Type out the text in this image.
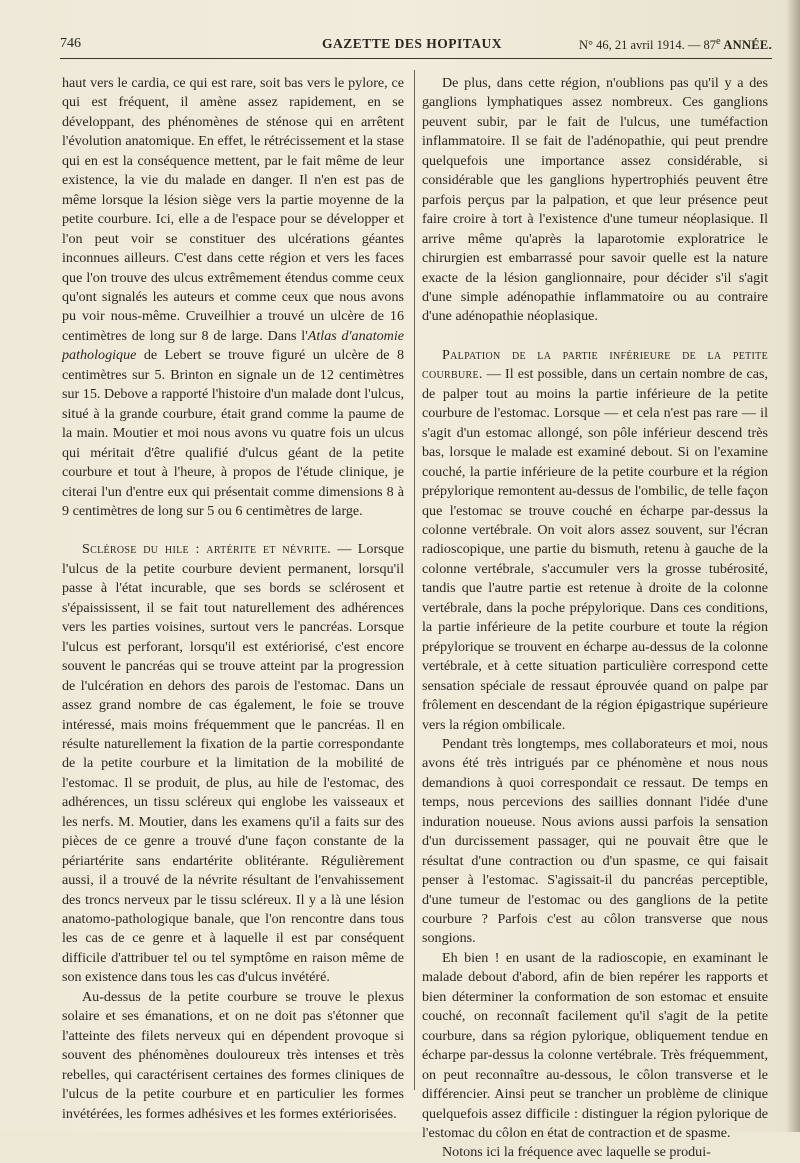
746	GAZETTE DES HOPITAUX	N° 46, 21 avril 1914. — 87e ANNÉE.

haut vers le cardia, ce qui est rare, soit bas vers le pylore, ce qui est fréquent, il amène assez rapidement, en se développant, des phénomènes de sténose qui en arrêtent l'évolution anatomique. En effet, le rétrécissement et la stase qui en est la conséquence mettent, par le fait même de leur existence, la vie du malade en danger. Il n'en est pas de même lorsque la lésion siège vers la partie moyenne de la petite courbure. Ici, elle a de l'espace pour se développer et l'on peut voir se constituer des ulcérations géantes inconnues ailleurs. C'est dans cette région et vers les faces que l'on trouve des ulcus extrêmement étendus comme ceux qu'ont signalés les auteurs et comme ceux que nous avons pu voir nous-même. Cruveilhier a trouvé un ulcère de 16 centimètres de long sur 8 de large. Dans l'Atlas d'anatomie pathologique de Lebert se trouve figuré un ulcère de 8 centimètres sur 5. Brinton en signale un de 12 centimètres sur 15. Debove a rapporté l'histoire d'un malade dont l'ulcus, situé à la grande courbure, était grand comme la paume de la main. Moutier et moi nous avons vu quatre fois un ulcus qui méritait d'être qualifié d'ulcus géant de la petite courbure et tout à l'heure, à propos de l'étude clinique, je citerai l'un d'entre eux qui présentait comme dimensions 8 à 9 centimètres de long sur 5 ou 6 centimètres de large.

Sclérose du hile : artérite et névrite. — Lorsque l'ulcus de la petite courbure devient permanent, lorsqu'il passe à l'état incurable, que ses bords se sclérosent et s'épaississent, il se fait tout naturellement des adhérences vers les parties voisines, surtout vers le pancréas. Lorsque l'ulcus est perforant, lorsqu'il est extériorisé, c'est encore souvent le pancréas qui se trouve atteint par la progression de l'ulcération en dehors des parois de l'estomac. Dans un assez grand nombre de cas également, le foie se trouve intéressé, mais moins fréquemment que le pancréas. Il en résulte naturellement la fixation de la partie correspondante de la petite courbure et la limitation de la mobilité de l'estomac. Il se produit, de plus, au hile de l'estomac, des adhérences, un tissu scléreux qui englobe les vaisseaux et les nerfs. M. Moutier, dans les examens qu'il a faits sur des pièces de ce genre a trouvé d'une façon constante de la périartérite sans endartérite oblitérante. Régulièrement aussi, il a trouvé de la névrite résultant de l'envahissement des troncs nerveux par le tissu scléreux. Il y a là une lésion anatomo-pathologique banale, que l'on rencontre dans tous les cas de ce genre et à laquelle il est par conséquent difficile d'attribuer tel ou tel symptôme en raison même de son existence dans tous les cas d'ulcus invétéré.

Au-dessus de la petite courbure se trouve le plexus solaire et ses émanations, et on ne doit pas s'étonner que l'atteinte des filets nerveux qui en dépendent provoque si souvent des phénomènes douloureux très intenses et très rebelles, qui caractérisent certaines des formes cliniques de l'ulcus de la petite courbure et en particulier les formes invétérées, les formes adhésives et les formes extériorisées.

De plus, dans cette région, n'oublions pas qu'il y a des ganglions lymphatiques assez nombreux. Ces ganglions peuvent subir, par le fait de l'ulcus, une tuméfaction inflammatoire. Il se fait de l'adénopathie, qui peut prendre quelquefois une importance assez considérable, si considérable que les ganglions hypertrophiés peuvent être parfois perçus par la palpation, et que leur présence peut faire croire à tort à l'existence d'une tumeur néoplasique. Il arrive même qu'après la laparotomie exploratrice le chirurgien est embarrassé pour savoir quelle est la nature exacte de la lésion ganglionnaire, pour décider s'il s'agit d'une simple adénopathie inflammatoire ou au contraire d'une adénopathie néoplasique.

Palpation de la partie inférieure de la petite courbure. — Il est possible, dans un certain nombre de cas, de palper tout au moins la partie inférieure de la petite courbure de l'estomac. Lorsque — et cela n'est pas rare — il s'agit d'un estomac allongé, son pôle inférieur descend très bas, lorsque le malade est examiné debout. Si on l'examine couché, la partie inférieure de la petite courbure et la région prépylorique remontent au-dessus de l'ombilic, de telle façon que l'estomac se trouve couché en écharpe par-dessus la colonne vertébrale. On voit alors assez souvent, sur l'écran radioscopique, une partie du bismuth, retenu à gauche de la colonne vertébrale, s'accumuler vers la grosse tubérosité, tandis que l'autre partie est retenue à droite de la colonne vertébrale, dans la poche prépylorique. Dans ces conditions, la partie inférieure de la petite courbure et toute la région prépylorique se trouvent en écharpe au-dessus de la colonne vertébrale, et à cette situation particulière correspond cette sensation spéciale de ressaut éprouvée quand on palpe par frôlement en descendant de la région épigastrique supérieure vers la région ombilicale.

Pendant très longtemps, mes collaborateurs et moi, nous avons été très intrigués par ce phénomène et nous nous demandions à quoi correspondait ce ressaut. De temps en temps, nous percevions des saillies donnant l'idée d'une induration noueuse. Nous avions aussi parfois la sensation d'un durcissement passager, qui ne pouvait être que le résultat d'une contraction ou d'un spasme, ce qui faisait penser à l'estomac. S'agissait-il du pancréas perceptible, d'une tumeur de l'estomac ou des ganglions de la petite courbure ? Parfois c'est au côlon transverse que nous songions.

Eh bien ! en usant de la radioscopie, en examinant le malade debout d'abord, afin de bien repérer les rapports et bien déterminer la conformation de son estomac et ensuite couché, on reconnaît facilement qu'il s'agit de la petite courbure, dans sa région pylorique, obliquement tendue en écharpe par-dessus la colonne vertébrale. Très fréquemment, on peut reconnaître au-dessous, le côlon transverse et le différencier. Ainsi peut se trancher un problème de clinique quelquefois assez difficile : distinguer la région pylorique de l'estomac du côlon en état de contraction et de spasme.

Notons ici la fréquence avec laquelle se produi-
